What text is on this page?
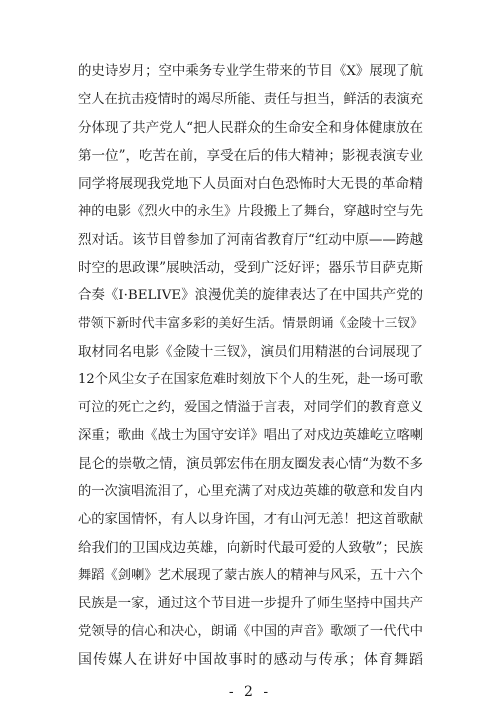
的史诗岁月；空中乘务专业学生带来的节目《X》展现了航
空人在抗击疫情时的竭尽所能、责任与担当，鲜活的表演充
分体现了共产党人“把人民群众的生命安全和身体健康放在
第一位”，吃苦在前，享受在后的伟大精神；影视表演专业
同学将展现我党地下人员面对白色恐怖时大无畏的革命精
神的电影《烈火中的永生》片段搬上了舞台，穿越时空与先
烈对话。该节目曾参加了河南省教育厅“红动中原——跨越
时空的思政课”展映活动，受到广泛好评；器乐节目萨克斯
合奏《I·BELIVE》浪漫优美的旋律表达了在中国共产党的
带领下新时代丰富多彩的美好生活。情景朗诵《金陵十三钗》
取材同名电影《金陵十三钗》，演员们用精湛的台词展现了
12个风尘女子在国家危难时刻放下个人的生死，赴一场可歌
可泣的死亡之约，爱国之情溢于言表，对同学们的教育意义
深重；歌曲《战士为国守安详》唱出了对戍边英雄屹立喀喇
昆仑的崇敬之情，演员郭宏伟在朋友圈发表心情“为数不多
的一次演唱流泪了，心里充满了对戍边英雄的敬意和发自内
心的家国情怀，有人以身许国，才有山河无恙！把这首歌献
给我们的卫国戍边英雄，向新时代最可爱的人致敬”；民族
舞蹈《剑喇》艺术展现了蒙古族人的精神与风采，五十六个
民族是一家，通过这个节目进一步提升了师生坚持中国共产
党领导的信心和决心，朗诵《中国的声音》歌颂了一代代中
国传媒人在讲好中国故事时的感动与传承；体育舞蹈
- 2 -
